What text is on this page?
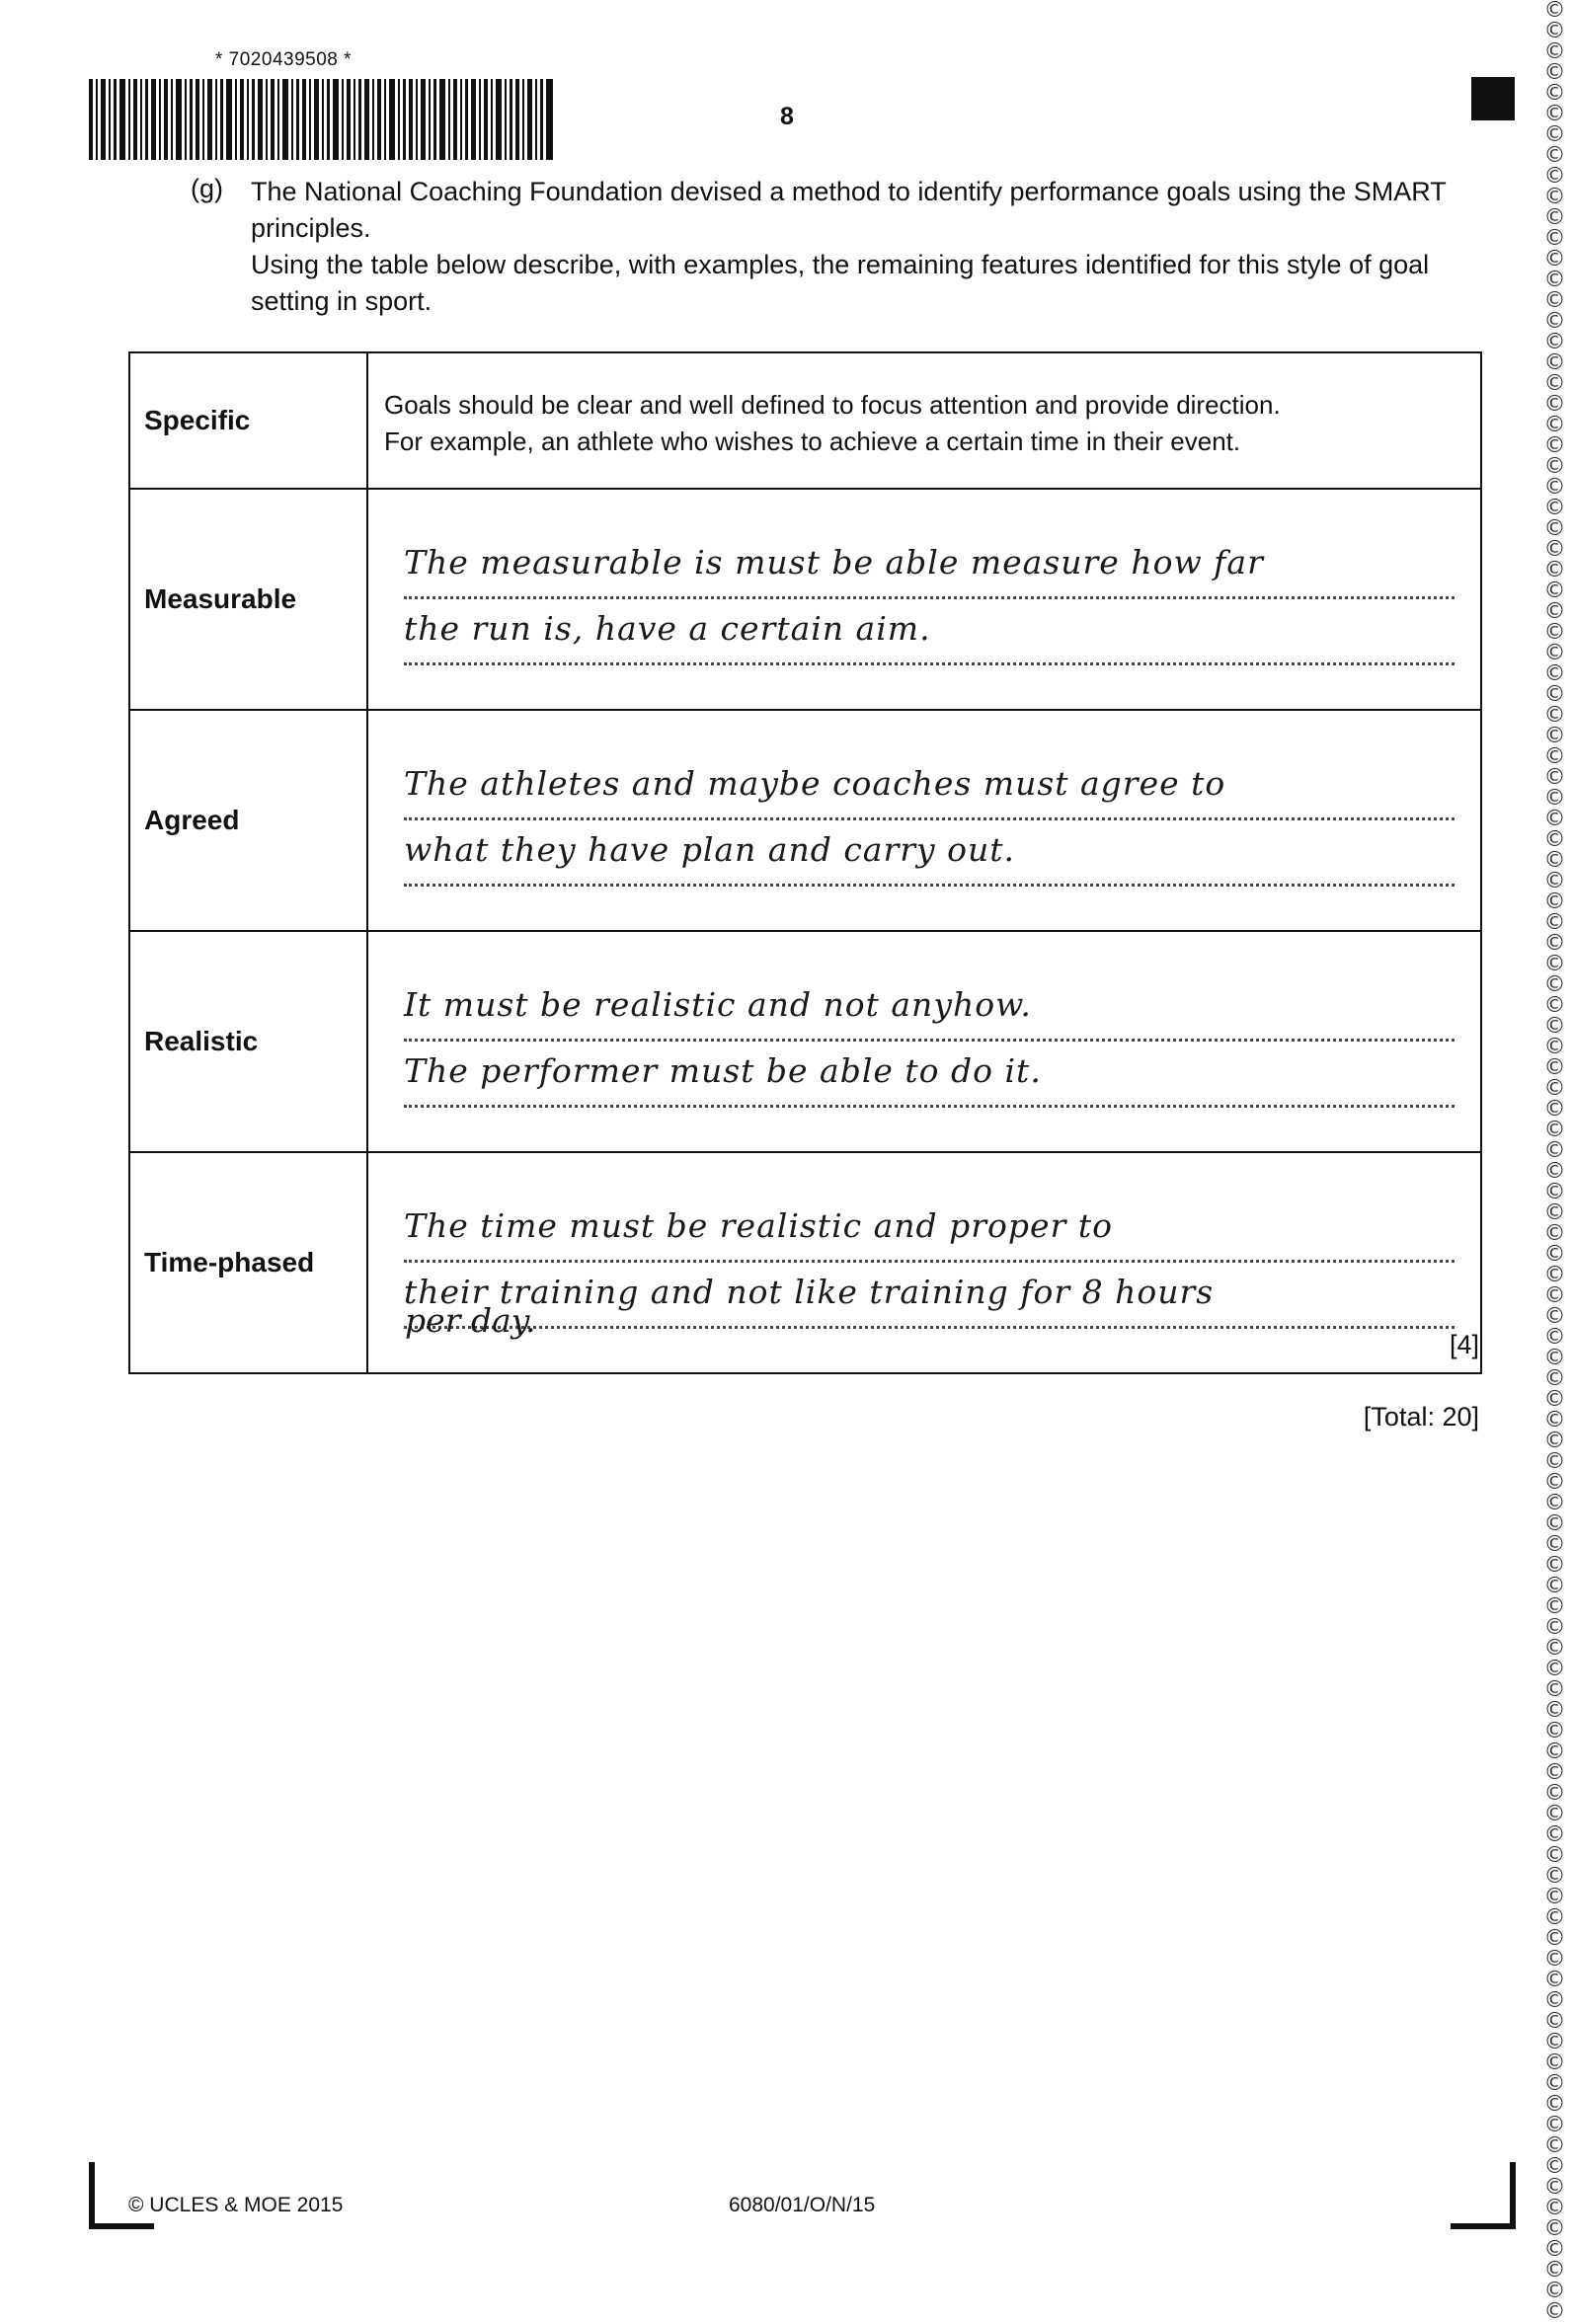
* 7020439508 *
8
©
©
©
©
©
©
©
©
©
©
©
©
©
©
©
©
©
©
©
©
©
©
©
©
©
©
©
©
©
©
©
©
©
©
©
©
©
©
©
©
©
©
©
©
©
©
©
©
©
©
©
©
©
©
©
©
©
©
©
©
©
©
©
©
©
©
©
©
©
©
©
©
©
©
©
©
©
©
©
©
©
©
©
©
©
©
©
©
©
©
©
©
©
©
©
©
©
©
©
©
©
©
©
©
©
©
©
©
©
©
©
©
(g) The National Coaching Foundation devised a method to identify performance goals using the SMART principles.

Using the table below describe, with examples, the remaining features identified for this style of goal setting in sport.

Specific	Goals should be clear and well defined to focus attention and provide direction.

For example, an athlete who wishes to achieve a certain time in their event.

Measurable	The measurable is must be able measure how far
the run is, have a certain aim.

Agreed	The athletes and maybe coaches must agree to
what they have plan and carry out.

Realistic	It must be realistic and not anyhow.
The performer must be able to do it.

Time-phased	The time must be realistic and proper to
their training and not like training for 8 hours
per day.
[4]
[Total: 20]
© UCLES & MOE 2015	6080/01/O/N/15
